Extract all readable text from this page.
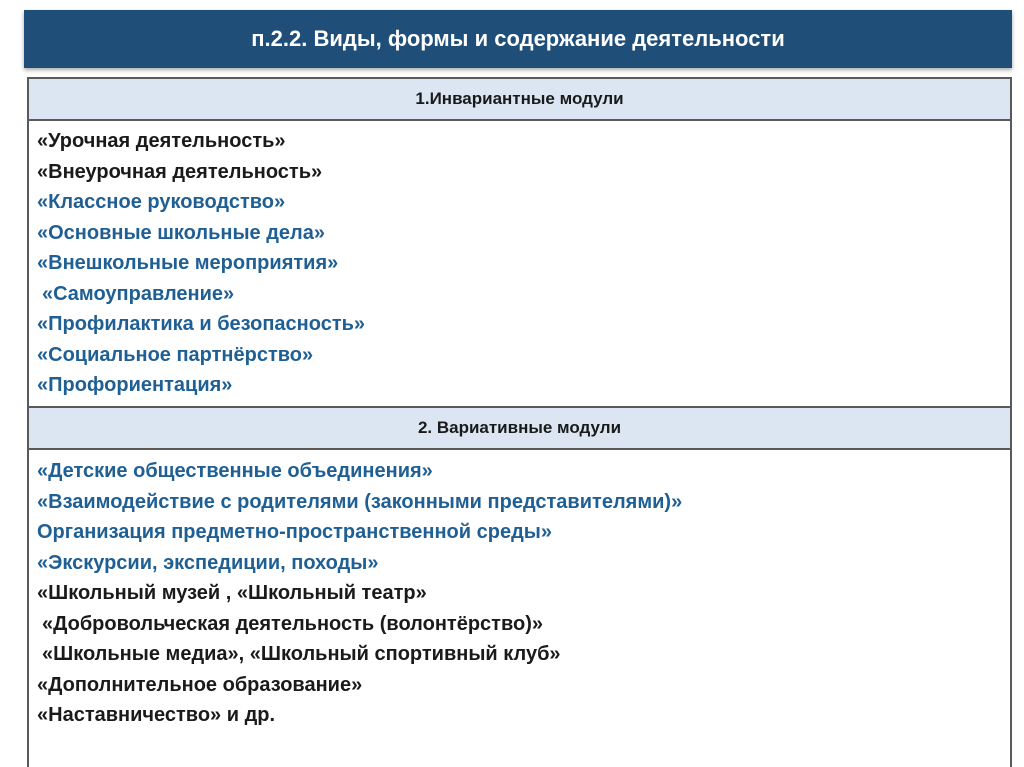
п.2.2. Виды, формы и содержание деятельности
1.Инвариантные модули
«Урочная деятельность»
«Внеурочная деятельность»
«Классное руководство»
«Основные школьные дела»
«Внешкольные мероприятия»
«Самоуправление»
«Профилактика и безопасность»
«Социальное партнёрство»
«Профориентация»
2. Вариативные модули
«Детские общественные объединения»
«Взаимодействие с родителями (законными представителями)»
Организация предметно-пространственной среды»
«Экскурсии, экспедиции, походы»
«Школьный музей , «Школьный театр»
«Добровольческая деятельность (волонтёрство)»
«Школьные медиа», «Школьный спортивный клуб»
«Дополнительное образование»
«Наставничество» и др.
